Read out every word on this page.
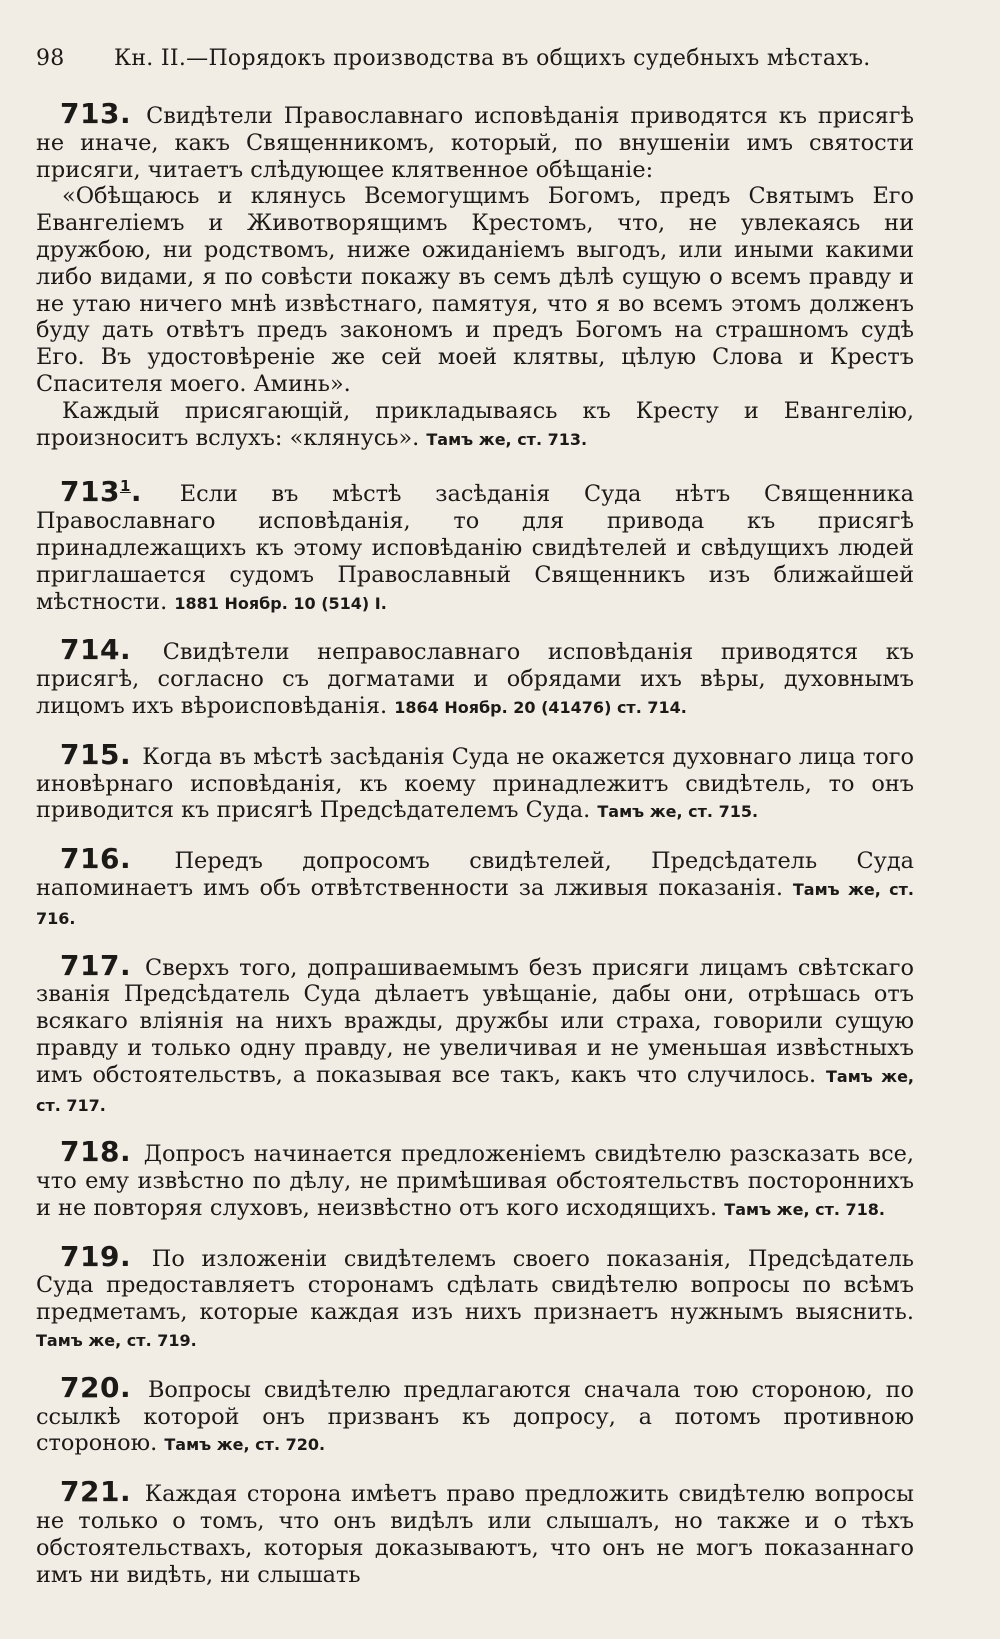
98	Кн. II.—Порядокъ производства въ общихъ судебныхъ мѣстахъ.

713. Свидѣтели Православнаго исповѣданія приводятся къ присягѣ не иначе, какъ Священникомъ, который, по внушеніи имъ святости присяги, читаетъ слѣдующее клятвенное обѣщаніе:

«Обѣщаюсь и клянусь Всемогущимъ Богомъ, предъ Святымъ Его Евангеліемъ и Животворящимъ Крестомъ, что, не увлекаясь ни дружбою, ни родствомъ, ниже ожиданіемъ выгодъ, или иными какими либо видами, я по совѣсти покажу въ семъ дѣлѣ сущую о всемъ правду и не утаю ничего мнѣ извѣстнаго, памятуя, что я во всемъ этомъ долженъ буду дать отвѣтъ предъ закономъ и предъ Богомъ на страшномъ судѣ Его. Въ удостовѣреніе же сей моей клятвы, цѣлую Слова и Крестъ Спасителя моего. Аминь».

Каждый присягающій, прикладываясь къ Кресту и Евангелію, произноситъ вслухъ: «клянусь». Тамъ же, ст. 713.

$713^1$. Если въ мѣстѣ засѣданія Суда нѣтъ Священника Православнаго исповѣданія, то для привода къ присягѣ принадлежащихъ къ этому исповѣданію свидѣтелей и свѣдущихъ людей приглашается судомъ Православный Священникъ изъ ближайшей мѣстности. 1881 Ноябр. 10 (514) I.

714. Свидѣтели неправославнаго исповѣданія приводятся къ присягѣ, согласно съ догматами и обрядами ихъ вѣры, духовнымъ лицомъ ихъ вѣроисповѣданія. 1864 Ноябр. 20 (41476) ст. 714.

715. Когда въ мѣстѣ засѣданія Суда не окажется духовнаго лица того иновѣрнаго исповѣданія, къ коему принадлежитъ свидѣтель, то онъ приводится къ присягѣ Предсѣдателемъ Суда. Тамъ же, ст. 715.

716. Передъ допросомъ свидѣтелей, Предсѣдатель Суда напоминаетъ имъ объ отвѣтственности за лживыя показанія. Тамъ же, ст. 716.

717. Сверхъ того, допрашиваемымъ безъ присяги лицамъ свѣтскаго званія Предсѣдатель Суда дѣлаетъ увѣщаніе, дабы они, отрѣшась отъ всякаго вліянія на нихъ вражды, дружбы или страха, говорили сущую правду и только одну правду, не увеличивая и не уменьшая извѣстныхъ имъ обстоятельствъ, а показывая все такъ, какъ что случилось. Тамъ же, ст. 717.

718. Допросъ начинается предложеніемъ свидѣтелю разсказать все, что ему извѣстно по дѣлу, не примѣшивая обстоятельствъ постороннихъ и не повторяя слуховъ, неизвѣстно отъ кого исходящихъ. Тамъ же, ст. 718.

719. По изложеніи свидѣтелемъ своего показанія, Предсѣдатель Суда предоставляетъ сторонамъ сдѣлать свидѣтелю вопросы по всѣмъ предметамъ, которые каждая изъ нихъ признаетъ нужнымъ выяснить. Тамъ же, ст. 719.

720. Вопросы свидѣтелю предлагаются сначала тою стороною, по ссылкѣ которой онъ призванъ къ допросу, а потомъ противною стороною. Тамъ же, ст. 720.

721. Каждая сторона имѣетъ право предложить свидѣтелю вопросы не только о томъ, что онъ видѣлъ или слышалъ, но также и о тѣхъ обстоятельствахъ, которыя доказываютъ, что онъ не могъ показаннаго имъ ни видѣть, ни слышать
